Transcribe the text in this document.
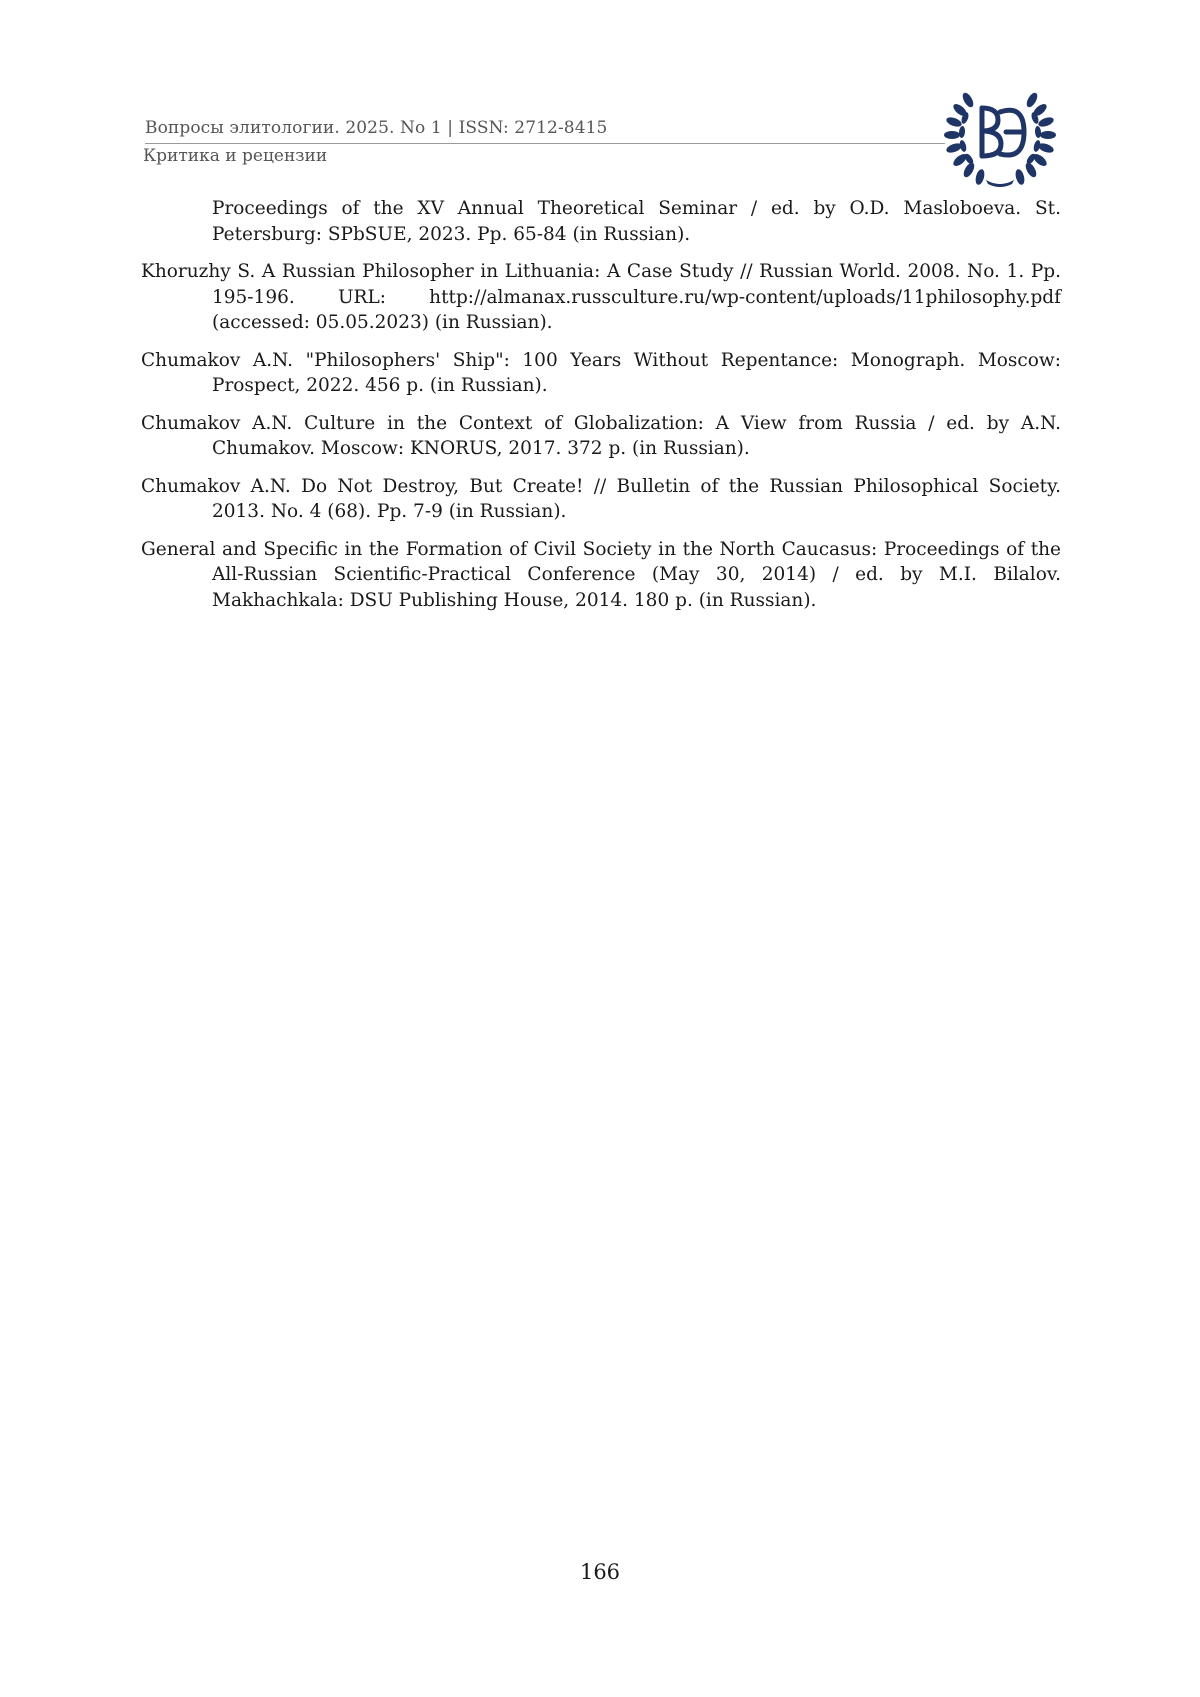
Вопросы элитологии. 2025. No 1 | ISSN: 2712-8415
Критика и рецензии
Proceedings of the XV Annual Theoretical Seminar / ed. by O.D. Masloboeva. St. Petersburg: SPbSUE, 2023. Pp. 65-84 (in Russian).
Khoruzhy S. A Russian Philosopher in Lithuania: A Case Study // Russian World. 2008. No. 1. Pp. 195-196. URL: http://almanax.russculture.ru/wp-content/uploads/11philosophy.pdf (accessed: 05.05.2023) (in Russian).
Chumakov A.N. "Philosophers' Ship": 100 Years Without Repentance: Monograph. Moscow: Prospect, 2022. 456 p. (in Russian).
Chumakov A.N. Culture in the Context of Globalization: A View from Russia / ed. by A.N. Chumakov. Moscow: KNORUS, 2017. 372 p. (in Russian).
Chumakov A.N. Do Not Destroy, But Create! // Bulletin of the Russian Philosophical Society. 2013. No. 4 (68). Pp. 7-9 (in Russian).
General and Specific in the Formation of Civil Society in the North Caucasus: Proceedings of the All-Russian Scientific-Practical Conference (May 30, 2014) / ed. by M.I. Bilalov. Makhachkala: DSU Publishing House, 2014. 180 p. (in Russian).
166
